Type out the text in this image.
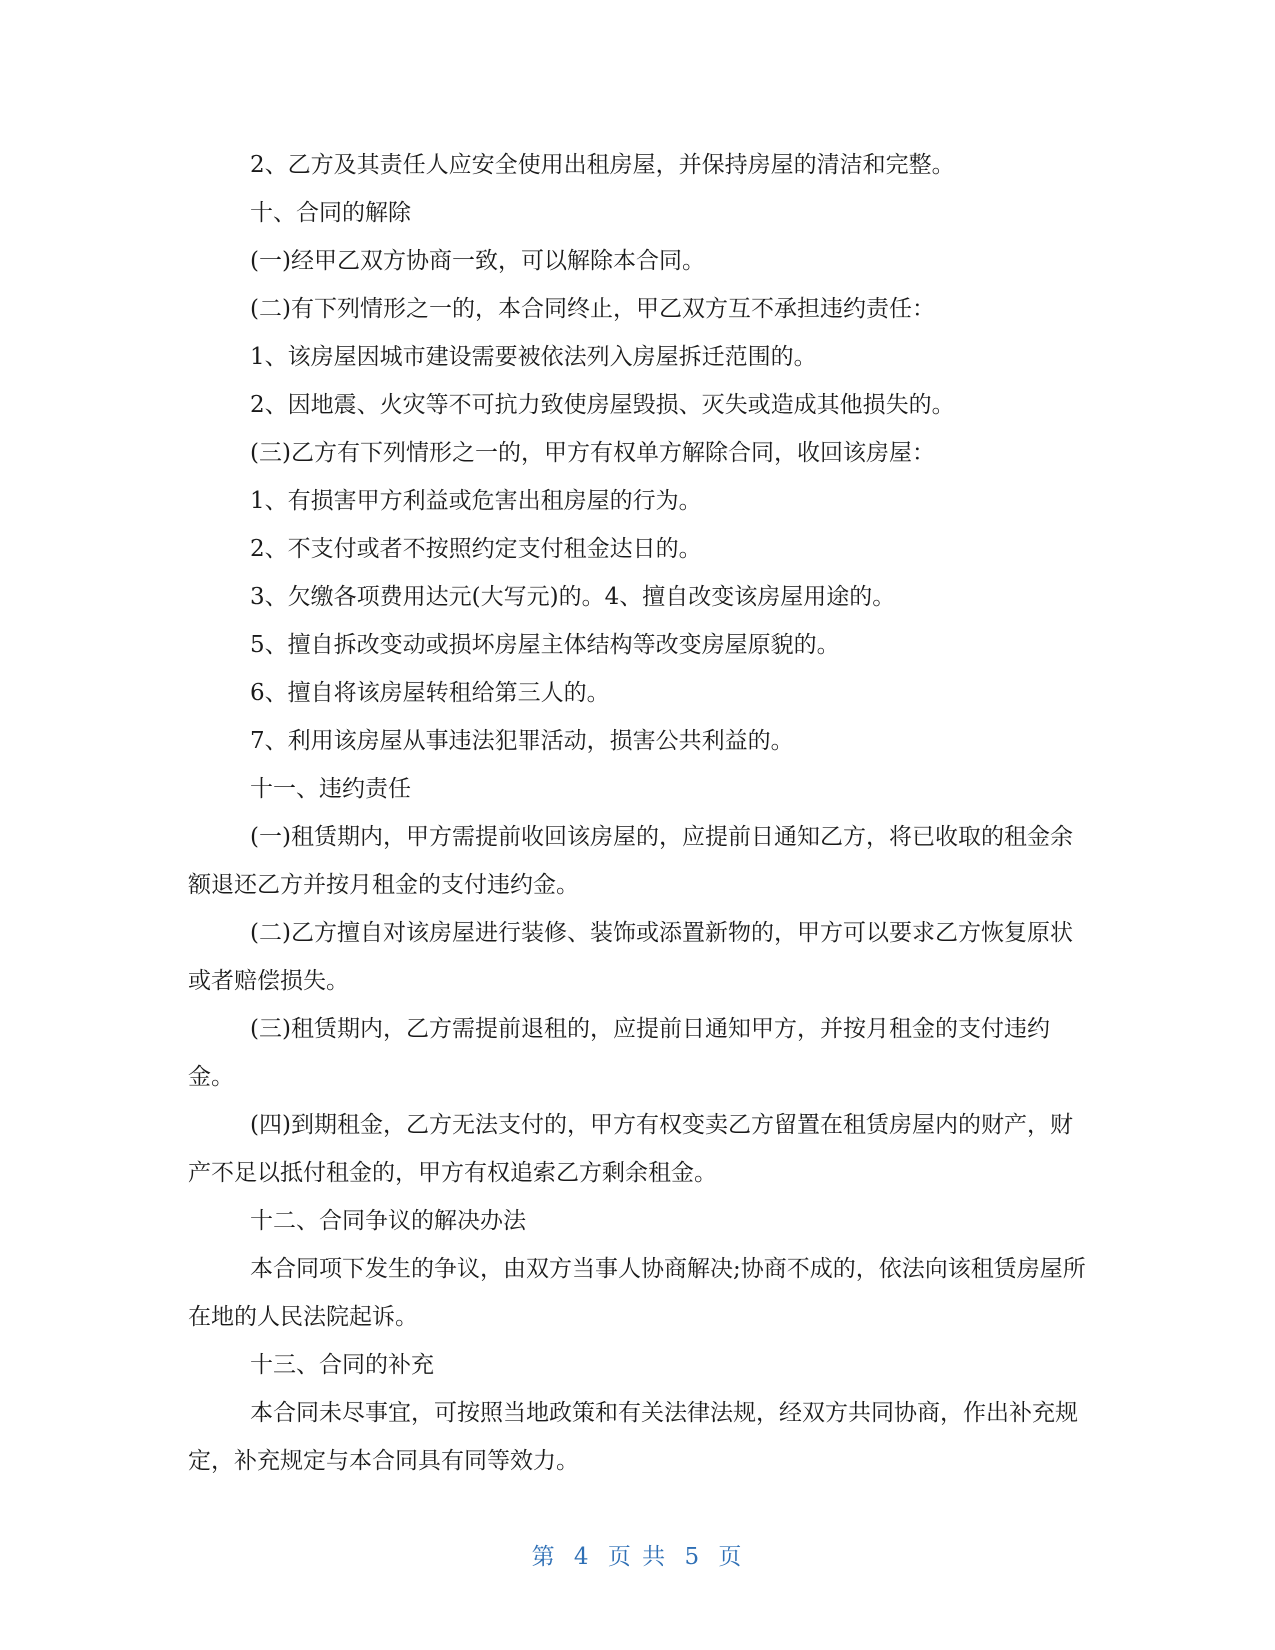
2、乙方及其责任人应安全使用出租房屋，并保持房屋的清洁和完整。

十、合同的解除

(一)经甲乙双方协商一致，可以解除本合同。

(二)有下列情形之一的，本合同终止，甲乙双方互不承担违约责任：

1、该房屋因城市建设需要被依法列入房屋拆迁范围的。

2、因地震、火灾等不可抗力致使房屋毁损、灭失或造成其他损失的。

(三)乙方有下列情形之一的，甲方有权单方解除合同，收回该房屋：

1、有损害甲方利益或危害出租房屋的行为。

2、不支付或者不按照约定支付租金达日的。

3、欠缴各项费用达元(大写元)的。4、擅自改变该房屋用途的。

5、擅自拆改变动或损坏房屋主体结构等改变房屋原貌的。

6、擅自将该房屋转租给第三人的。

7、利用该房屋从事违法犯罪活动，损害公共利益的。

十一、违约责任

(一)租赁期内，甲方需提前收回该房屋的，应提前日通知乙方，将已收取的租金余额退还乙方并按月租金的支付违约金。

(二)乙方擅自对该房屋进行装修、装饰或添置新物的，甲方可以要求乙方恢复原状或者赔偿损失。

(三)租赁期内，乙方需提前退租的，应提前日通知甲方，并按月租金的支付违约金。

(四)到期租金，乙方无法支付的，甲方有权变卖乙方留置在租赁房屋内的财产，财产不足以抵付租金的，甲方有权追索乙方剩余租金。

十二、合同争议的解决办法

本合同项下发生的争议，由双方当事人协商解决;协商不成的，依法向该租赁房屋所在地的人民法院起诉。

十三、合同的补充

本合同未尽事宜，可按照当地政策和有关法律法规，经双方共同协商，作出补充规定，补充规定与本合同具有同等效力。

第 4 页 共 5 页
